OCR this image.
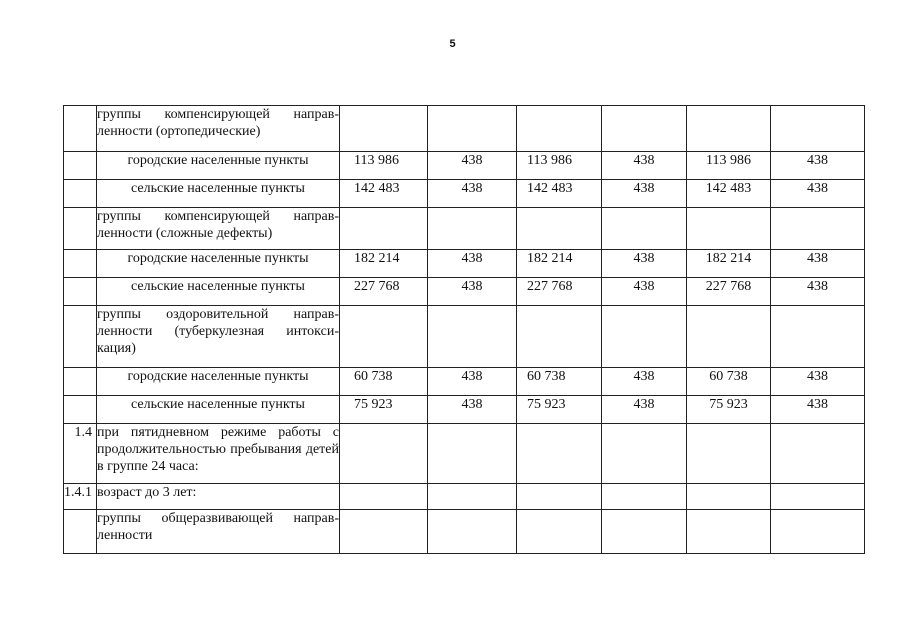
5
	группы компенсирующей направ-ленности (ортопедические)						
	городские населенные пункты	113 986	438	113 986	438	113 986	438
	сельские населенные пункты	142 483	438	142 483	438	142 483	438
	группы компенсирующей направ-ленности (сложные дефекты)						
	городские населенные пункты	182 214	438	182 214	438	182 214	438
	сельские населенные пункты	227 768	438	227 768	438	227 768	438
	группы оздоровительной направ-ленности (туберкулезная интокси-кация)						
	городские населенные пункты	60 738	438	60 738	438	60 738	438
	сельские населенные пункты	75 923	438	75 923	438	75 923	438
1.4	при пятидневном режиме работы с продолжительностью пребывания детей в группе 24 часа:						
1.4.1	возраст до 3 лет:						
	группы общеразвивающей направ-ленности						
